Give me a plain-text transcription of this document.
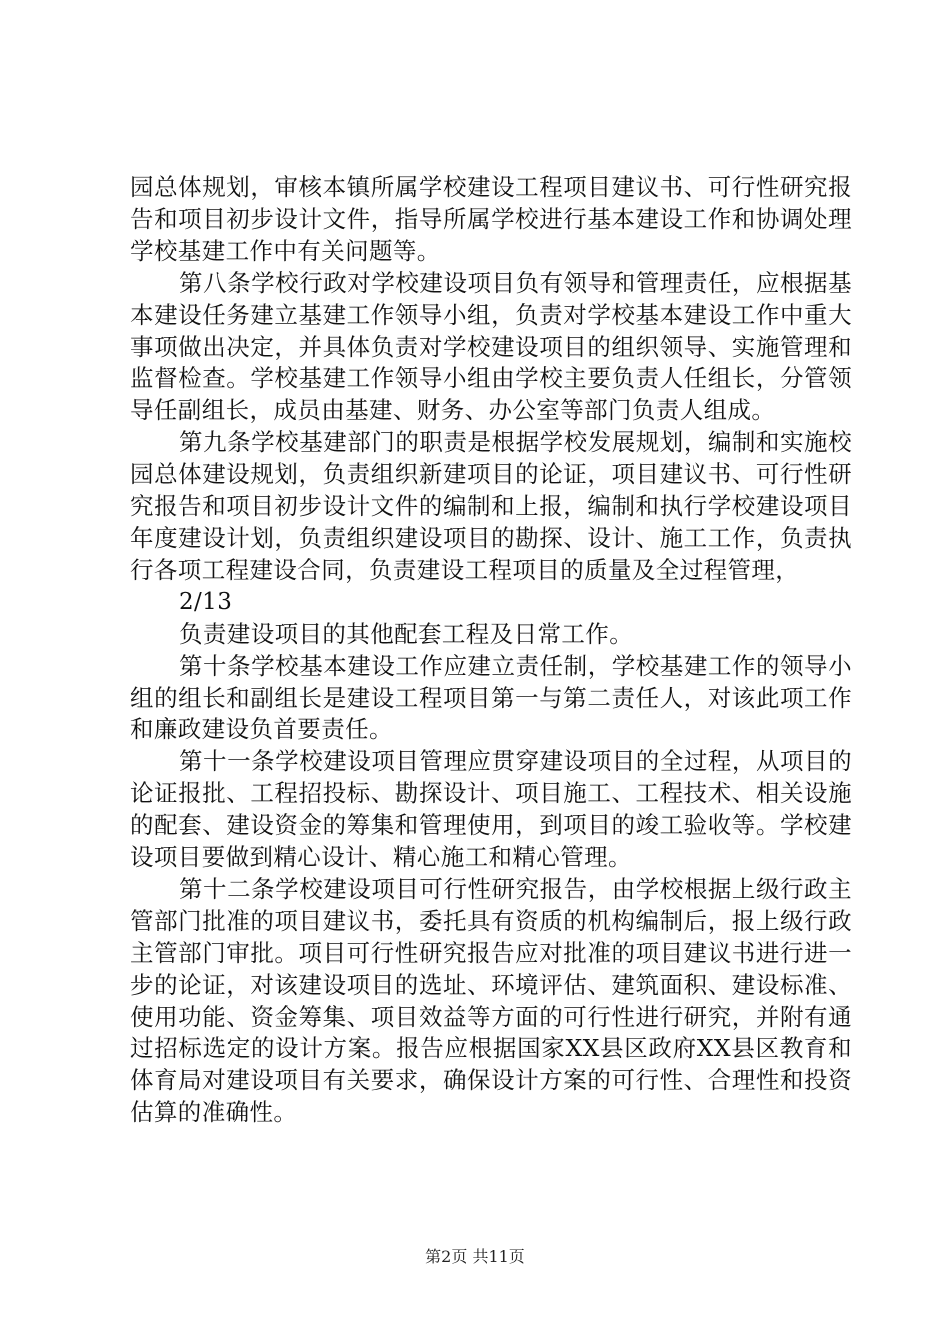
园总体规划，审核本镇所属学校建设工程项目建议书、可行性研究报告和项目初步设计文件，指导所属学校进行基本建设工作和协调处理学校基建工作中有关问题等。

第八条学校行政对学校建设项目负有领导和管理责任，应根据基本建设任务建立基建工作领导小组，负责对学校基本建设工作中重大事项做出决定，并具体负责对学校建设项目的组织领导、实施管理和监督检查。学校基建工作领导小组由学校主要负责人任组长，分管领导任副组长，成员由基建、财务、办公室等部门负责人组成。

第九条学校基建部门的职责是根据学校发展规划，编制和实施校园总体建设规划，负责组织新建项目的论证，项目建议书、可行性研究报告和项目初步设计文件的编制和上报，编制和执行学校建设项目年度建设计划，负责组织建设项目的勘探、设计、施工工作，负责执行各项工程建设合同，负责建设工程项目的质量及全过程管理，

2/13

负责建设项目的其他配套工程及日常工作。

第十条学校基本建设工作应建立责任制，学校基建工作的领导小组的组长和副组长是建设工程项目第一与第二责任人，对该此项工作和廉政建设负首要责任。

第十一条学校建设项目管理应贯穿建设项目的全过程，从项目的论证报批、工程招投标、勘探设计、项目施工、工程技术、相关设施的配套、建设资金的筹集和管理使用，到项目的竣工验收等。学校建设项目要做到精心设计、精心施工和精心管理。

第十二条学校建设项目可行性研究报告，由学校根据上级行政主管部门批准的项目建议书，委托具有资质的机构编制后，报上级行政主管部门审批。项目可行性研究报告应对批准的项目建议书进行进一步的论证，对该建设项目的选址、环境评估、建筑面积、建设标准、使用功能、资金筹集、项目效益等方面的可行性进行研究，并附有通过招标选定的设计方案。报告应根据国家XX县区政府XX县区教育和体育局对建设项目有关要求，确保设计方案的可行性、合理性和投资估算的准确性。

第2页 共11页
